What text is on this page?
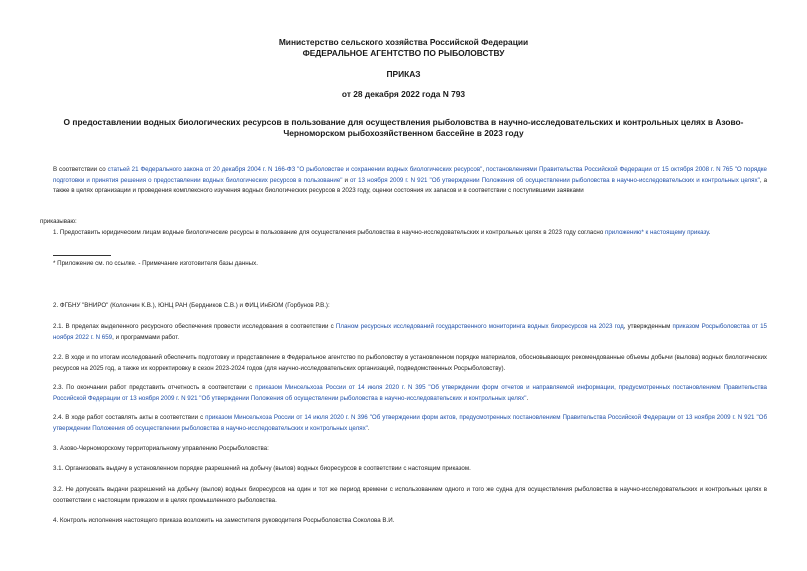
Министерство сельского хозяйства Российской Федерации
ФЕДЕРАЛЬНОЕ АГЕНТСТВО ПО РЫБОЛОВСТВУ
ПРИКАЗ
от 28 декабря 2022 года N 793
О предоставлении водных биологических ресурсов в пользование для осуществления рыболовства в научно-исследовательских и контрольных целях в Азово-Черноморском рыбохозяйственном бассейне в 2023 году
В соответствии со статьей 21 Федерального закона от 20 декабря 2004 г. N 166-ФЗ "О рыболовстве и сохранении водных биологических ресурсов", постановлениями Правительства Российской Федерации от 15 октября 2008 г. N 765 "О порядке подготовки и принятия решения о предоставлении водных биологических ресурсов в пользование" и от 13 ноября 2009 г. N 921 "Об утверждении Положения об осуществлении рыболовства в научно-исследовательских и контрольных целях", а также в целях организации и проведения комплексного изучения водных биологических ресурсов в 2023 году, оценки состояния их запасов и в соответствии с поступившими заявками
приказываю:
1. Предоставить юридическим лицам водные биологические ресурсы в пользование для осуществления рыболовства в научно-исследовательских и контрольных целях в 2023 году согласно приложению* к настоящему приказу.
* Приложение см. по ссылке. - Примечание изготовителя базы данных.
2. ФГБНУ "ВНИРО" (Колончин К.В.), ЮНЦ РАН (Бердников С.В.) и ФИЦ ИнБЮМ (Горбунов Р.В.):
2.1. В пределах выделенного ресурсного обеспечения провести исследования в соответствии с Планом ресурсных исследований государственного мониторинга водных биоресурсов на 2023 год, утвержденным приказом Росрыболовства от 15 ноября 2022 г. N 659, и программами работ.
2.2. В ходе и по итогам исследований обеспечить подготовку и представление в Федеральное агентство по рыболовству в установленном порядке материалов, обосновывающих рекомендованные объемы добычи (вылова) водных биологических ресурсов на 2025 год, а также их корректировку в сезон 2023-2024 годов (для научно-исследовательских организаций, подведомственных Росрыболовству).
2.3. По окончании работ представить отчетность в соответствии с приказом Минсельхоза России от 14 июля 2020 г. N 395 "Об утверждении форм отчетов и направляемой информации, предусмотренных постановлением Правительства Российской Федерации от 13 ноября 2009 г. N 921 "Об утверждении Положения об осуществлении рыболовства в научно-исследовательских и контрольных целях".
2.4. В ходе работ составлять акты в соответствии с приказом Минсельхоза России от 14 июля 2020 г. N 396 "Об утверждении форм актов, предусмотренных постановлением Правительства Российской Федерации от 13 ноября 2009 г. N 921 "Об утверждении Положения об осуществлении рыболовства в научно-исследовательских и контрольных целях".
3. Азово-Черноморскому территориальному управлению Росрыболовства:
3.1. Организовать выдачу в установленном порядке разрешений на добычу (вылов) водных биоресурсов в соответствии с настоящим приказом.
3.2. Не допускать выдачи разрешений на добычу (вылов) водных биоресурсов на один и тот же период времени с использованием одного и того же судна для осуществления рыболовства в научно-исследовательских и контрольных целях в соответствии с настоящим приказом и в целях промышленного рыболовства.
4. Контроль исполнения настоящего приказа возложить на заместителя руководителя Росрыболовства Соколова В.И.
